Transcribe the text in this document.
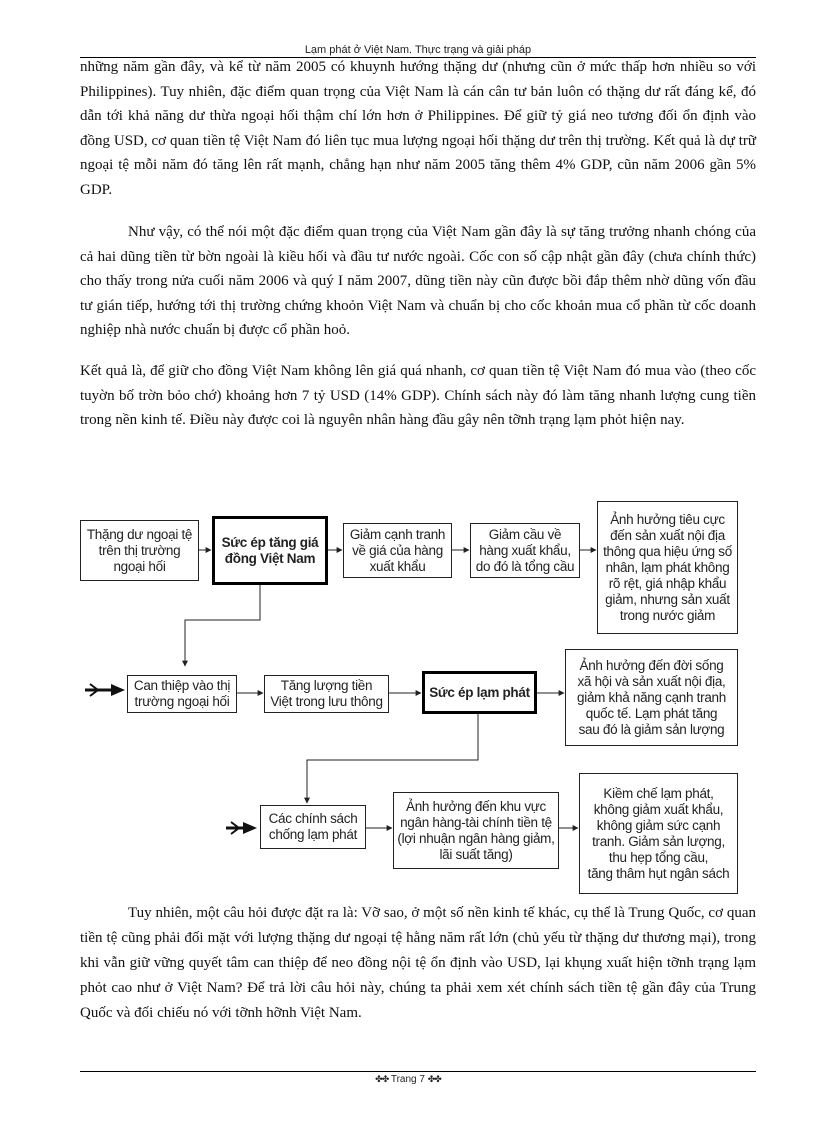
Lạm phát ở Việt Nam. Thực trạng và giải pháp

những năm gần đây, và kể từ năm 2005 có khuynh hướng thặng dư (nhưng cũn ở mức thấp hơn nhiều so với Philippines). Tuy nhiên, đặc điểm quan trọng của Việt Nam là cán cân tư bản luôn có thặng dư rất đáng kể, đó dẫn tới khả năng dư thừa ngoại hối thậm chí lớn hơn ở Philippines. Để giữ tỷ giá neo tương đối ổn định vào đồng USD, cơ quan tiền tệ Việt Nam đó liên tục mua lượng ngoại hối thặng dư trên thị trường. Kết quả là dự trữ ngoại tệ mỗi năm đó tăng lên rất mạnh, chẳng hạn như năm 2005 tăng thêm 4% GDP, cũn năm 2006 gần 5% GDP.

Như vậy, có thể nói một đặc điểm quan trọng của Việt Nam gần đây là sự tăng trưởng nhanh chóng của cả hai dũng tiền từ bờn ngoài là kiều hối và đầu tư nước ngoài. Cốc con số cập nhật gần đây (chưa chính thức) cho thấy trong nửa cuối năm 2006 và quý I năm 2007, dũng tiền này cũn được bồi đắp thêm nhờ dũng vốn đầu tư gián tiếp, hướng tới thị trường chứng khoỏn Việt Nam và chuẩn bị cho cốc khoản mua cổ phần từ cốc doanh nghiệp nhà nước chuẩn bị được cổ phần hoỏ.

Kết quả là, để giữ cho đồng Việt Nam không lên giá quá nhanh, cơ quan tiền tệ Việt Nam đó mua vào (theo cốc tuyờn bố trờn bỏo chớ) khoảng hơn 7 tỷ USD (14% GDP). Chính sách này đó làm tăng nhanh lượng cung tiền trong nền kinh tế. Điều này được coi là nguyên nhân hàng đầu gây nên tỡnh trạng lạm phỏt hiện nay.

Thặng dư ngoại tệ
trên thị trường
ngoại hối
Sức ép tăng giá
đồng Việt Nam
Giảm cạnh tranh
về giá của hàng
xuất khẩu
Giảm cầu về
hàng xuất khẩu,
do đó là tổng cầu
Ảnh hưởng tiêu cực
đến sản xuất nội địa
thông qua hiệu ứng số
nhân, lạm phát không
rõ rệt, giá nhập khẩu
giảm, nhưng sản xuất
trong nước giảm
Can thiệp vào thị
trường ngoại hối
Tăng lượng tiền
Việt trong lưu thông
Sức ép lạm phát
Ảnh hưởng đến đời sống
xã hội và sản xuất nội địa,
giảm khả năng cạnh tranh
quốc tế. Lạm phát tăng
sau đó là giảm sản lượng
Các chính sách
chống lạm phát
Ảnh hưởng đến khu vực
ngân hàng-tài chính tiền tệ
(lợi nhuận ngân hàng giảm,
lãi suất tăng)
Kiềm chế lạm phát,
không giảm xuất khẩu,
không giảm sức cạnh
tranh. Giảm sản lượng,
thu hẹp tổng cầu,
tăng thâm hụt ngân sách

Tuy nhiên, một câu hỏi được đặt ra là: Vỡ sao, ở một số nền kinh tế khác, cụ thể là Trung Quốc, cơ quan tiền tệ cũng phải đối mặt với lượng thặng dư ngoại tệ hằng năm rất lớn (chủ yếu từ thặng dư thương mại), trong khi vẫn giữ vững quyết tâm can thiệp để neo đồng nội tệ ổn định vào USD, lại khụng xuất hiện tỡnh trạng lạm phỏt cao như ở Việt Nam? Để trả lời câu hỏi này, chúng ta phải xem xét chính sách tiền tệ gần đây của Trung Quốc và đối chiếu nó với tỡnh hỡnh Việt Nam.

✤✤ Trang 7 ✤✤
